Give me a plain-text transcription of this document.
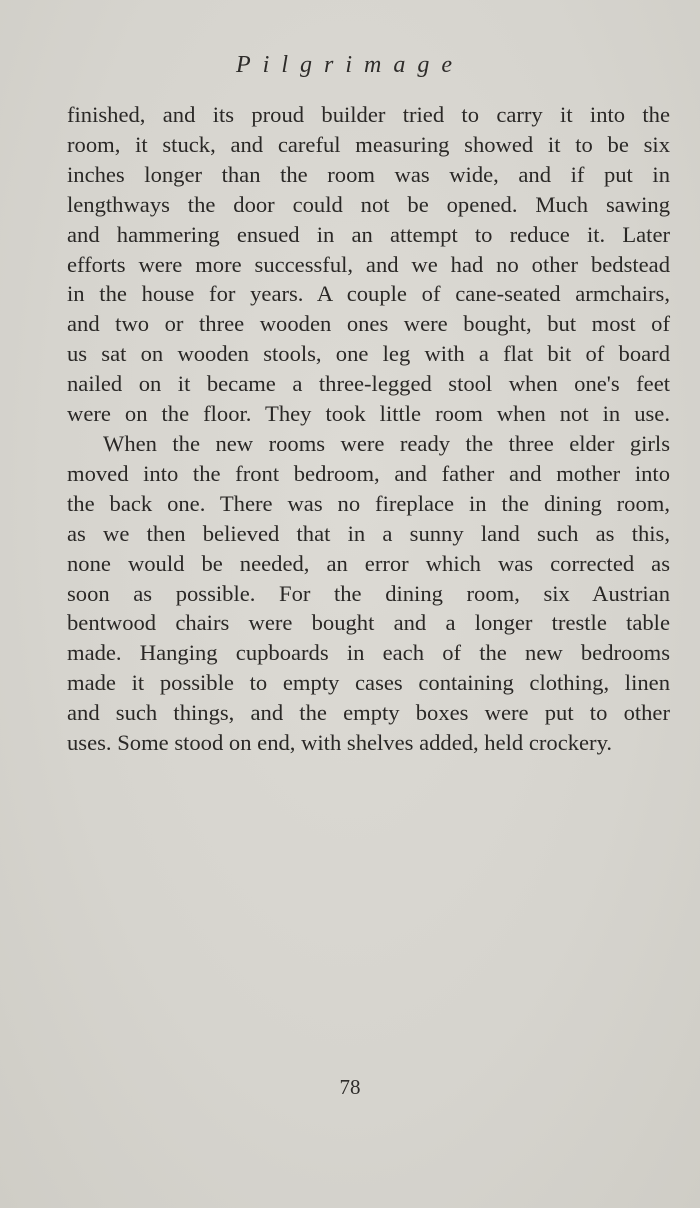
Pilgrimage
finished, and its proud builder tried to carry it into the
room, it stuck, and careful measuring showed it to be six
inches longer than the room was wide, and if put in
lengthways the door could not be opened. Much sawing
and hammering ensued in an attempt to reduce it. Later
efforts were more successful, and we had no other bedstead
in the house for years. A couple of cane-seated armchairs,
and two or three wooden ones were bought, but most of
us sat on wooden stools, one leg with a flat bit of board
nailed on it became a three-legged stool when one's feet
were on the floor. They took little room when not in use.
When the new rooms were ready the three elder girls
moved into the front bedroom, and father and mother into
the back one. There was no fireplace in the dining room,
as we then believed that in a sunny land such as this,
none would be needed, an error which was corrected as
soon as possible. For the dining room, six Austrian
bentwood chairs were bought and a longer trestle table
made. Hanging cupboards in each of the new bedrooms
made it possible to empty cases containing clothing, linen
and such things, and the empty boxes were put to other
uses. Some stood on end, with shelves added, held crockery.
78
